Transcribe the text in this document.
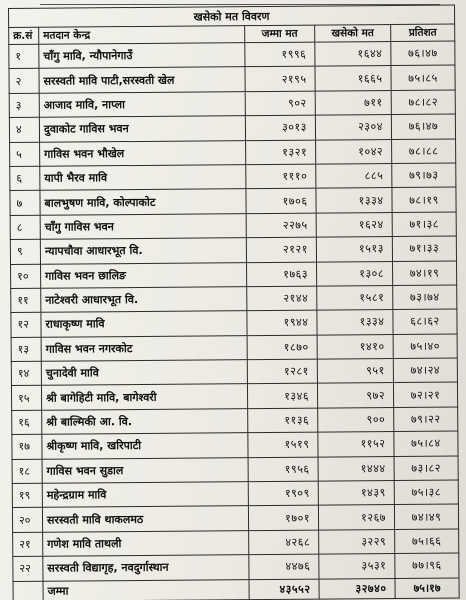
खसेको मत विवरण				
क्र.सं	मतदान केन्द्र	जम्मा मत	खसेको मत	प्रतिशत
१	चाँगु मावि, न्यौपानेगाउँ	१९९६	१६४४	७६।४७
२	सरस्वती मावि पाटी,सरस्वती खेल	२१९५	१६६५	७५।८५
३	आजाद मावि, नाप्ला	९०२	७११	७८।८२
४	दुवाकोट गाविस भवन	३०१३	२३०४	७६।४७
५	गाविस भवन भौखेल	१३२१	१०४२	७८।८८
६	यापी भैरव मावि	१११०	८८५	७९।७३
७	बालभुषण मावि, कोल्पाकोट	१७०६	१३३४	७८।१९
८	चाँगु गाविस भवन	२२७५	१६२४	७१।३८
९	न्यापचौवा आधारभूत वि.	२१२१	१५१३	७१।३३
१०	गाविस भवन छालिङ	१७६३	१३०८	७४।१९
११	नाटेश्वरी आधारभूत वि.	२१४४	१५८१	७३।७४
१२	राधाकृष्ण मावि	१९४४	१३३४	६८।६२
१३	गाविस भवन नगरकोट	१८७०	१४१०	७५।४०
१४	चुनादेवी मावि	१२८१	९५१	७४।२४
१५	श्री बागेहिटी मावि, बागेश्वरी	१३४६	९७२	७२।२१
१६	श्री बाल्मिकी आ. वि.	११३६	९००	७९।२२
१७	श्रीकृष्ण मावि, खरिपाटी	१५१९	११५२	७५।८४
१८	गाविस भवन सुडाल	१९५६	१४४४	७३।८२
१९	महेन्द्रग्राम मावि	१९०९	१४३९	७५।३८
२०	सरस्वती मावि थाकलमठ	१७०१	१२६७	७४।४९
२१	गणेश मावि ताथली	४२६८	३२२९	७५।६६
२२	सरस्वती विद्यागृह, नवदुर्गास्थान	४४७६	३५३१	७७।९६
	जम्मा	४३५५२	३२७४०	७५।१७
